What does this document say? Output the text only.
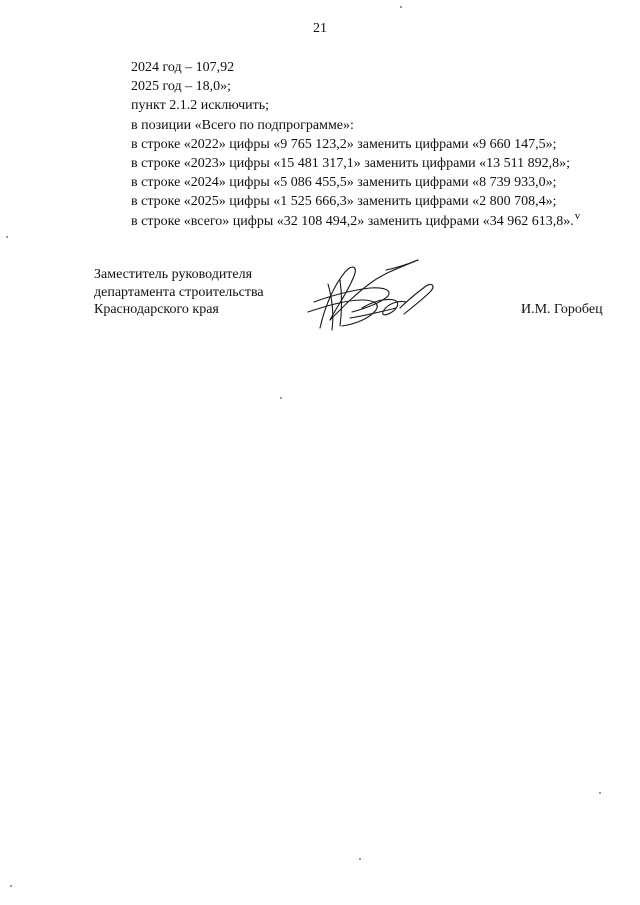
21
2024 год – 107,92
2025 год – 18,0»;
пункт 2.1.2 исключить;
в позиции «Всего по подпрограмме»:
в строке «2022» цифры «9 765 123,2» заменить цифрами «9 660 147,5»;
в строке «2023» цифры «15 481 317,1» заменить цифрами «13 511 892,8»;
в строке «2024» цифры «5 086 455,5» заменить цифрами «8 739 933,0»;
в строке «2025» цифры «1 525 666,3» заменить цифрами «2 800 708,4»;
в строке «всего» цифры «32 108 494,2» заменить цифрами «34 962 613,8».$^v$
Заместитель руководителя
департамента строительства
Краснодарского края	И.М. Горобец
